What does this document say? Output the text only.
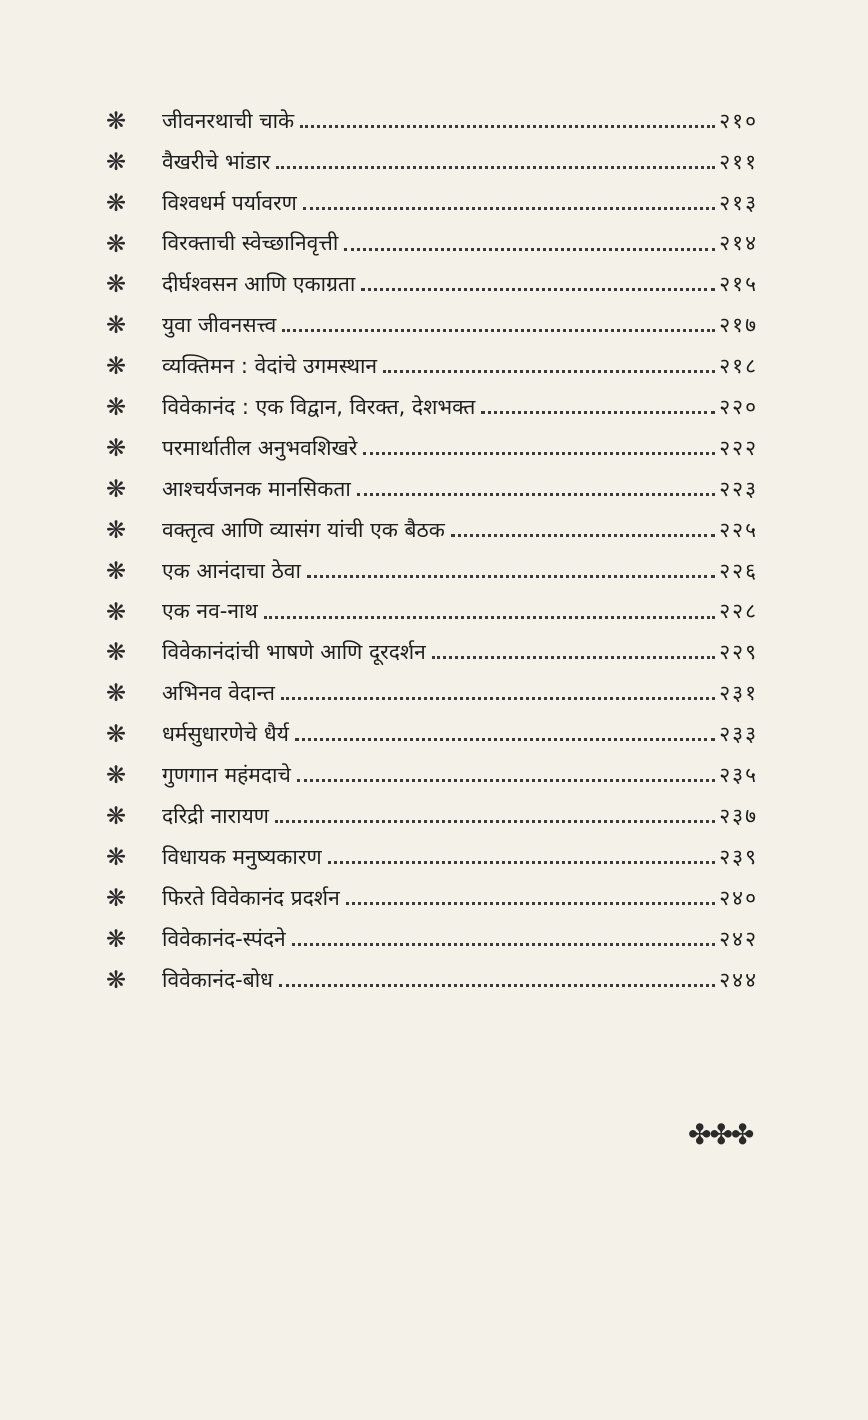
❋	जीवनरथाची चाके	२१०
❋	वैखरीचे भांडार	२११
❋	विश्वधर्म पर्यावरण	२१३
❋	विरक्ताची स्वेच्छानिवृत्ती	२१४
❋	दीर्घश्वसन आणि एकाग्रता	२१५
❋	युवा जीवनसत्त्व	२१७
❋	व्यक्तिमन : वेदांचे उगमस्थान	२१८
❋	विवेकानंद : एक विद्वान, विरक्त, देशभक्त	२२०
❋	परमार्थातील अनुभवशिखरे	२२२
❋	आश्चर्यजनक मानसिकता	२२३
❋	वक्तृत्व आणि व्यासंग यांची एक बैठक	२२५
❋	एक आनंदाचा ठेवा	२२६
❋	एक नव-नाथ	२२८
❋	विवेकानंदांची भाषणे आणि दूरदर्शन	२२९
❋	अभिनव वेदान्त	२३१
❋	धर्मसुधारणेचे धैर्य	२३३
❋	गुणगान महंमदाचे	२३५
❋	दरिद्री नारायण	२३७
❋	विधायक मनुष्यकारण	२३९
❋	फिरते विवेकानंद प्रदर्शन	२४०
❋	विवेकानंद-स्पंदने	२४२
❋	विवेकानंद-बोध	२४४
✤✤✤
